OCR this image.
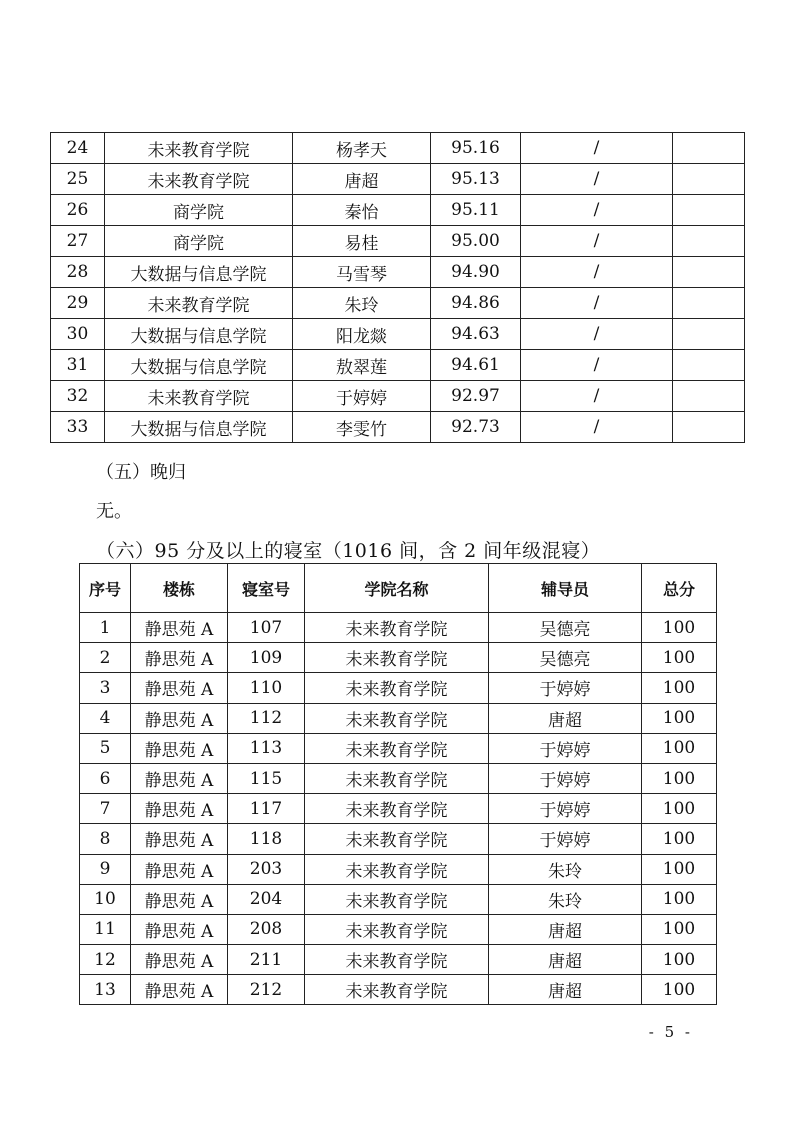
24	未来教育学院	杨孝天	95.16	/	
25	未来教育学院	唐超	95.13	/	
26	商学院	秦怡	95.11	/	
27	商学院	易桂	95.00	/	
28	大数据与信息学院	马雪琴	94.90	/	
29	未来教育学院	朱玲	94.86	/	
30	大数据与信息学院	阳龙燚	94.63	/	
31	大数据与信息学院	敖翠莲	94.61	/	
32	未来教育学院	于婷婷	92.97	/	
33	大数据与信息学院	李雯竹	92.73	/	
（五）晚归
无。
（六）95 分及以上的寝室（1016 间，含 2 间年级混寝）
序号	楼栋	寝室号	学院名称	辅导员	总分
1	静思苑 A	107	未来教育学院	吴德亮	100
2	静思苑 A	109	未来教育学院	吴德亮	100
3	静思苑 A	110	未来教育学院	于婷婷	100
4	静思苑 A	112	未来教育学院	唐超	100
5	静思苑 A	113	未来教育学院	于婷婷	100
6	静思苑 A	115	未来教育学院	于婷婷	100
7	静思苑 A	117	未来教育学院	于婷婷	100
8	静思苑 A	118	未来教育学院	于婷婷	100
9	静思苑 A	203	未来教育学院	朱玲	100
10	静思苑 A	204	未来教育学院	朱玲	100
11	静思苑 A	208	未来教育学院	唐超	100
12	静思苑 A	211	未来教育学院	唐超	100
13	静思苑 A	212	未来教育学院	唐超	100
- 5 -
